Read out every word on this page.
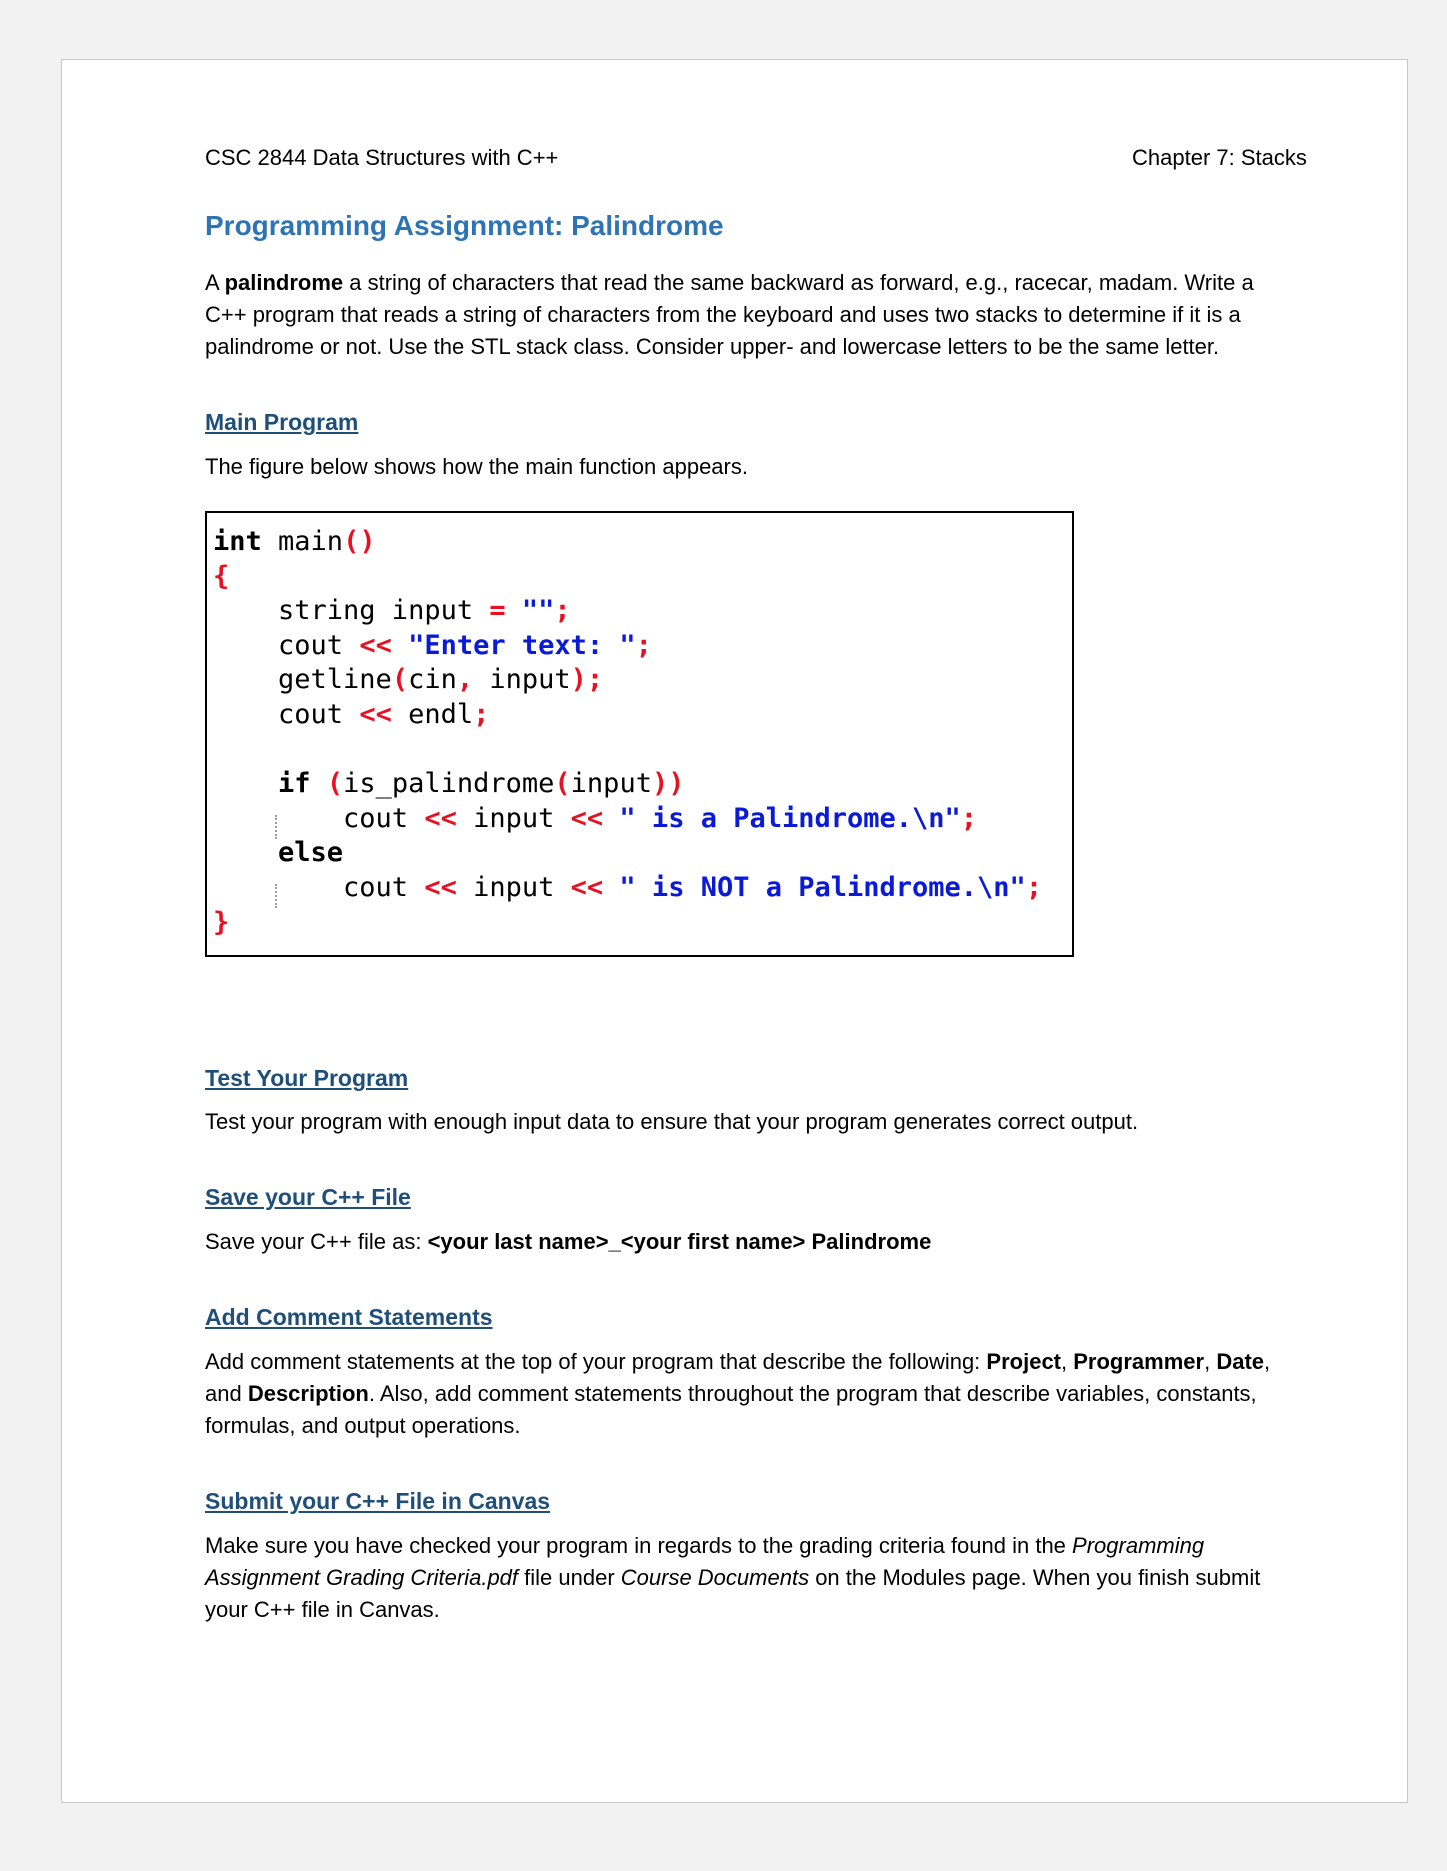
CSC 2844 Data Structures with C++	Chapter 7: Stacks
Programming Assignment: Palindrome

A palindrome a string of characters that read the same backward as forward, e.g., racecar, madam. Write a C++ program that reads a string of characters from the keyboard and uses two stacks to determine if it is a palindrome or not. Use the STL stack class. Consider upper- and lowercase letters to be the same letter.

Main Program

The figure below shows how the main function appears.

int main()
{
string input = "";
cout << "Enter text: ";
getline(cin, input);
cout << endl;

if (is_palindrome(input))
cout << input << " is a Palindrome.\n";
else
cout << input << " is NOT a Palindrome.\n";
}
Test Your Program

Test your program with enough input data to ensure that your program generates correct output.

Save your C++ File

Save your C++ file as: <your last name>_<your first name> Palindrome

Add Comment Statements

Add comment statements at the top of your program that describe the following: Project, Programmer, Date, and Description. Also, add comment statements throughout the program that describe variables, constants, formulas, and output operations.

Submit your C++ File in Canvas

Make sure you have checked your program in regards to the grading criteria found in the Programming Assignment Grading Criteria.pdf file under Course Documents on the Modules page. When you finish submit your C++ file in Canvas.
